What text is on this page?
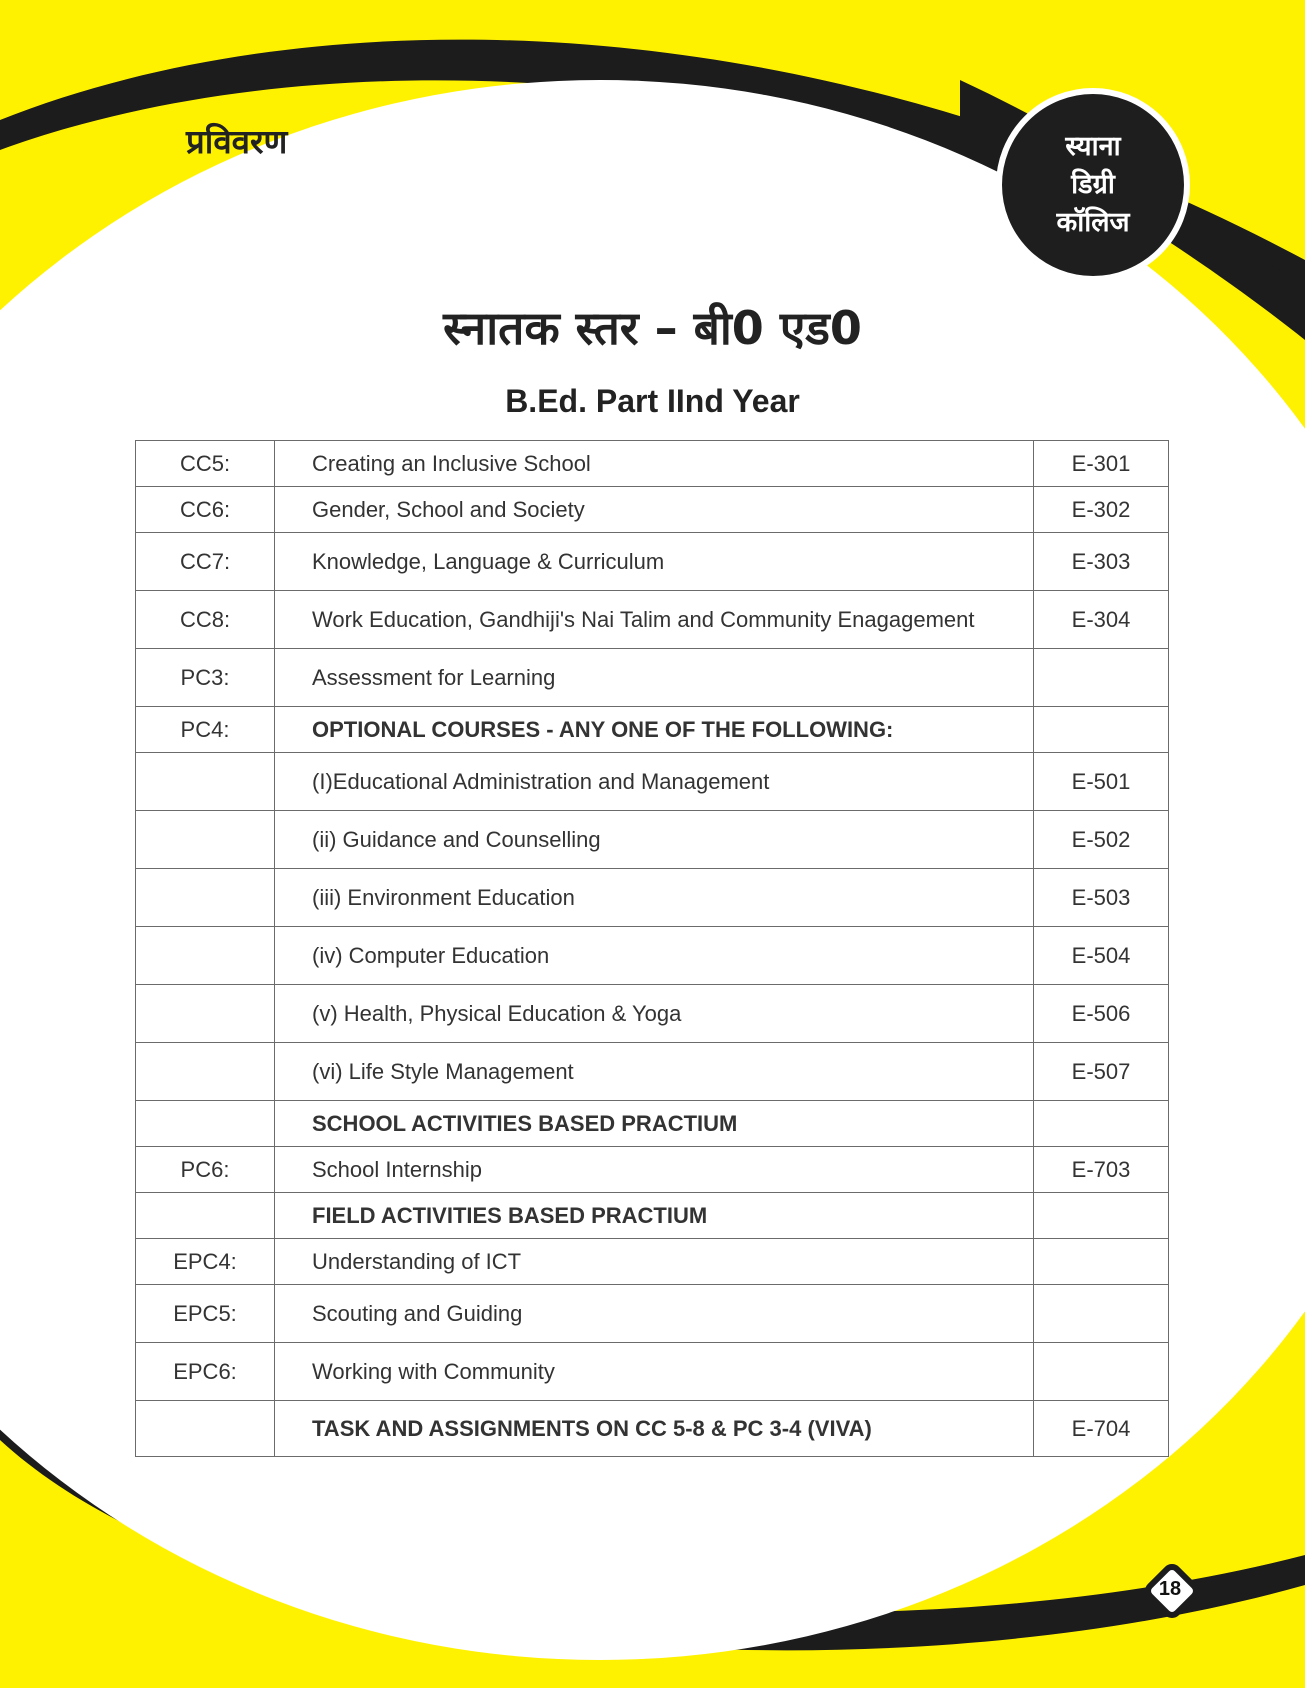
प्रविवरण	स्याना
डिग्री
कॉलिज
स्नातक स्तर – बी0 एड0
B.Ed. Part IInd Year
CC5:	Creating an Inclusive School	E-301
CC6:	Gender, School and Society	E-302
CC7:	Knowledge, Language & Curriculum	E-303
CC8:	Work Education, Gandhiji's Nai Talim and Community Enagagement	E-304
PC3:	Assessment for Learning	
PC4:	OPTIONAL COURSES - ANY ONE OF THE FOLLOWING:	
	(I)Educational Administration and Management	E-501
	(ii) Guidance and Counselling	E-502
	(iii) Environment Education	E-503
	(iv) Computer Education	E-504
	(v) Health, Physical Education & Yoga	E-506
	(vi) Life Style Management	E-507
	SCHOOL ACTIVITIES BASED PRACTIUM	
PC6:	School Internship	E-703
	FIELD ACTIVITIES BASED PRACTIUM	
EPC4:	Understanding of ICT	
EPC5:	Scouting and Guiding	
EPC6:	Working with Community	
	TASK AND ASSIGNMENTS ON CC 5-8 & PC 3-4 (VIVA)	E-704
18
